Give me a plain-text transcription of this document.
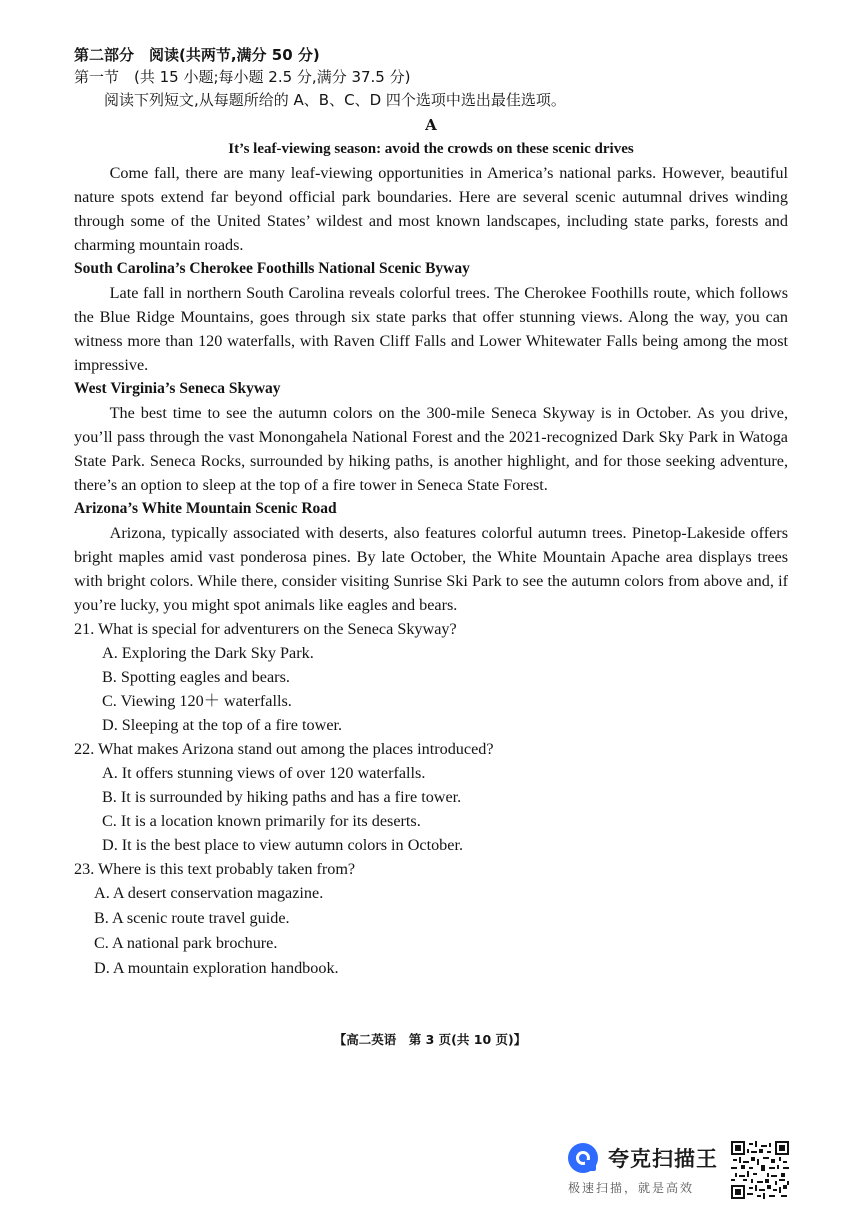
第二部分　阅读(共两节,满分 50 分)
第一节　(共 15 小题;每小题 2.5 分,满分 37.5 分)
阅读下列短文,从每题所给的 A、B、C、D 四个选项中选出最佳选项。
A
It’s leaf-viewing season: avoid the crowds on these scenic drives

Come fall, there are many leaf-viewing opportunities in America’s national parks. However, beautiful nature spots extend far beyond official park boundaries. Here are several scenic autumnal drives winding through some of the United States’ wildest and most known landscapes, including state parks, forests and charming mountain roads.

South Carolina’s Cherokee Foothills National Scenic Byway

Late fall in northern South Carolina reveals colorful trees. The Cherokee Foothills route, which follows the Blue Ridge Mountains, goes through six state parks that offer stunning views. Along the way, you can witness more than 120 waterfalls, with Raven Cliff Falls and Lower Whitewater Falls being among the most impressive.

West Virginia’s Seneca Skyway

The best time to see the autumn colors on the 300-mile Seneca Skyway is in October. As you drive, you’ll pass through the vast Monongahela National Forest and the 2021-recognized Dark Sky Park in Watoga State Park. Seneca Rocks, surrounded by hiking paths, is another highlight, and for those seeking adventure, there’s an option to sleep at the top of a fire tower in Seneca State Forest.

Arizona’s White Mountain Scenic Road

Arizona, typically associated with deserts, also features colorful autumn trees. Pinetop-Lakeside offers bright maples amid vast ponderosa pines. By late October, the White Mountain Apache area displays trees with bright colors. While there, consider visiting Sunrise Ski Park to see the autumn colors from above and, if you’re lucky, you might spot animals like eagles and bears.

21. What is special for adventurers on the Seneca Skyway?

A. Exploring the Dark Sky Park.

B. Spotting eagles and bears.

C. Viewing 120＋ waterfalls.

D. Sleeping at the top of a fire tower.

22. What makes Arizona stand out among the places introduced?

A. It offers stunning views of over 120 waterfalls.

B. It is surrounded by hiking paths and has a fire tower.

C. It is a location known primarily for its deserts.

D. It is the best place to view autumn colors in October.

23. Where is this text probably taken from?

A. A desert conservation magazine.

B. A scenic route travel guide.

C. A national park brochure.

D. A mountain exploration handbook.

【高二英语　第 3 页(共 10 页)】
夸克扫描王
极速扫描，就是高效
